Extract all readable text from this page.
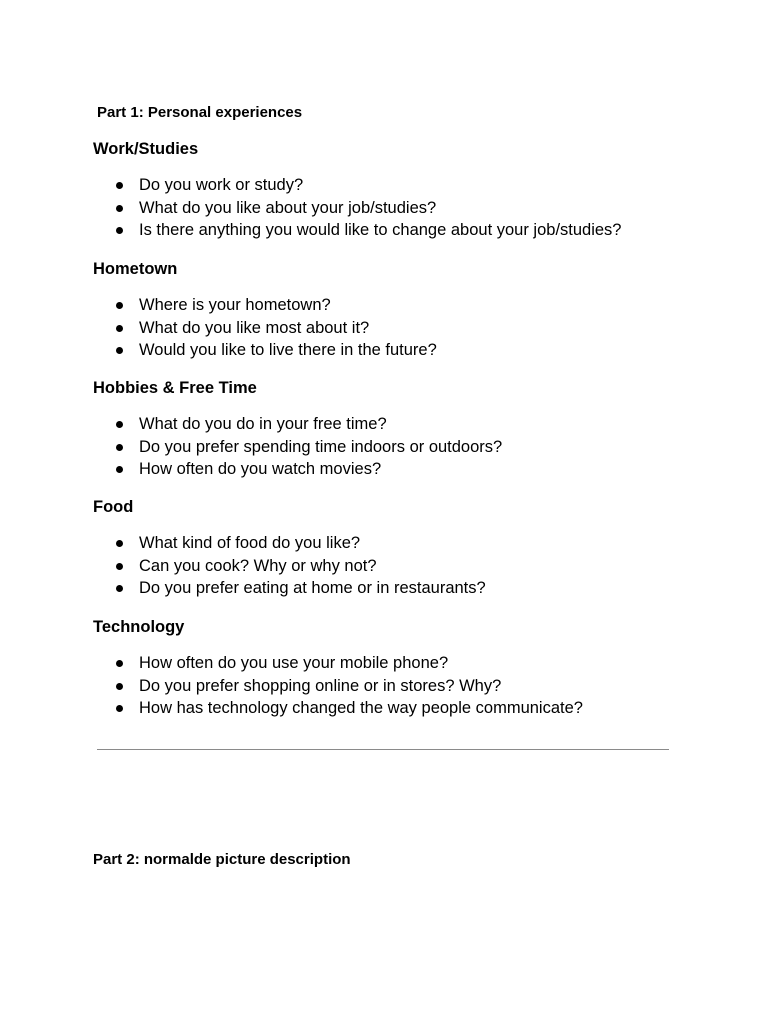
Part 1: Personal experiences
Work/Studies
Do you work or study?
What do you like about your job/studies?
Is there anything you would like to change about your job/studies?
Hometown
Where is your hometown?
What do you like most about it?
Would you like to live there in the future?
Hobbies & Free Time
What do you do in your free time?
Do you prefer spending time indoors or outdoors?
How often do you watch movies?
Food
What kind of food do you like?
Can you cook? Why or why not?
Do you prefer eating at home or in restaurants?
Technology
How often do you use your mobile phone?
Do you prefer shopping online or in stores? Why?
How has technology changed the way people communicate?
Part 2: normalde picture description
